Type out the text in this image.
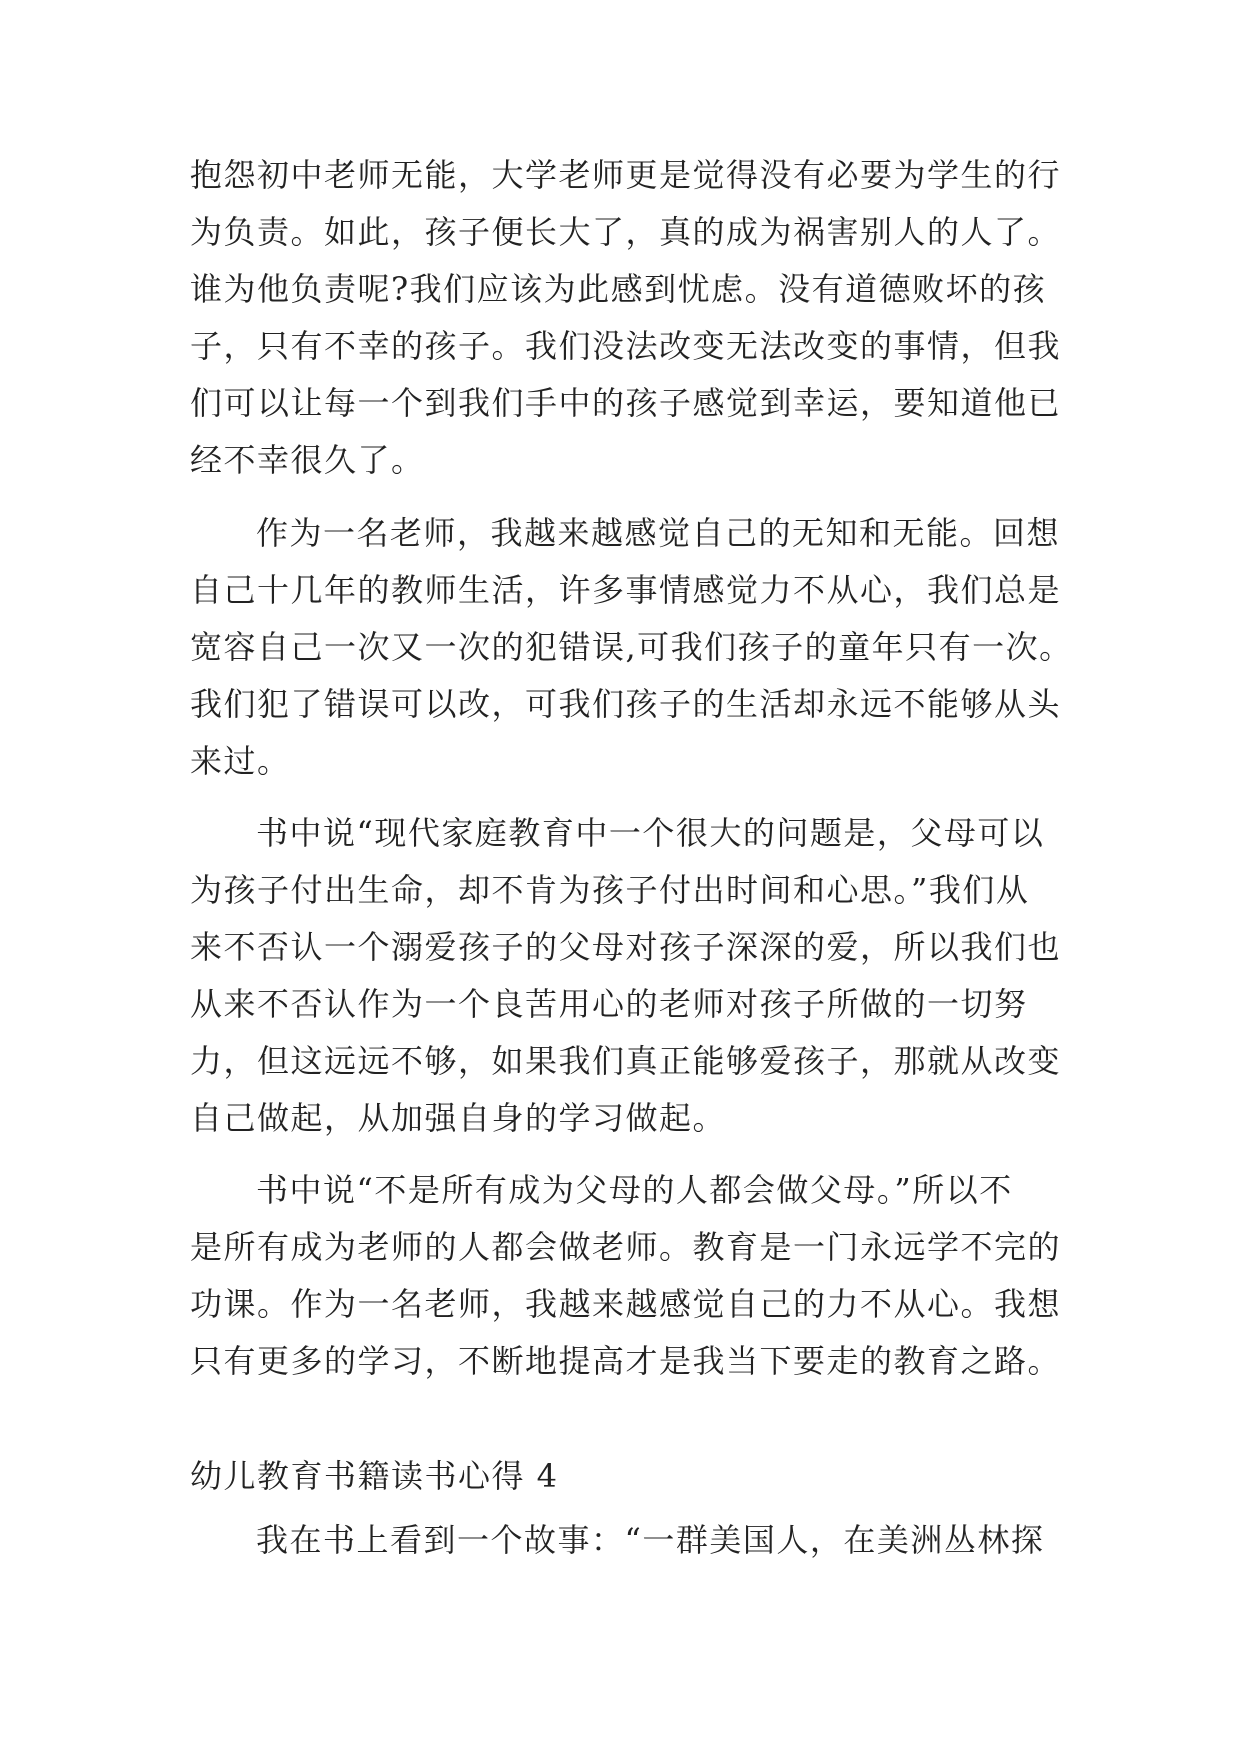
抱怨初中老师无能，大学老师更是觉得没有必要为学生的行
为负责。如此，孩子便长大了，真的成为祸害别人的人了。
谁为他负责呢?我们应该为此感到忧虑。没有道德败坏的孩
子，只有不幸的孩子。我们没法改变无法改变的事情，但我
们可以让每一个到我们手中的孩子感觉到幸运，要知道他已
经不幸很久了。
作为一名老师，我越来越感觉自己的无知和无能。回想
自己十几年的教师生活，许多事情感觉力不从心，我们总是
宽容自己一次又一次的犯错误,可我们孩子的童年只有一次。
我们犯了错误可以改，可我们孩子的生活却永远不能够从头
来过。
书中说“现代家庭教育中一个很大的问题是，父母可以
为孩子付出生命，却不肯为孩子付出时间和心思。”我们从
来不否认一个溺爱孩子的父母对孩子深深的爱，所以我们也
从来不否认作为一个良苦用心的老师对孩子所做的一切努
力，但这远远不够，如果我们真正能够爱孩子，那就从改变
自己做起，从加强自身的学习做起。
书中说“不是所有成为父母的人都会做父母。”所以不
是所有成为老师的人都会做老师。教育是一门永远学不完的
功课。作为一名老师，我越来越感觉自己的力不从心。我想
只有更多的学习，不断地提高才是我当下要走的教育之路。
幼儿教育书籍读书心得 4
我在书上看到一个故事：“一群美国人，在美洲丛林探
